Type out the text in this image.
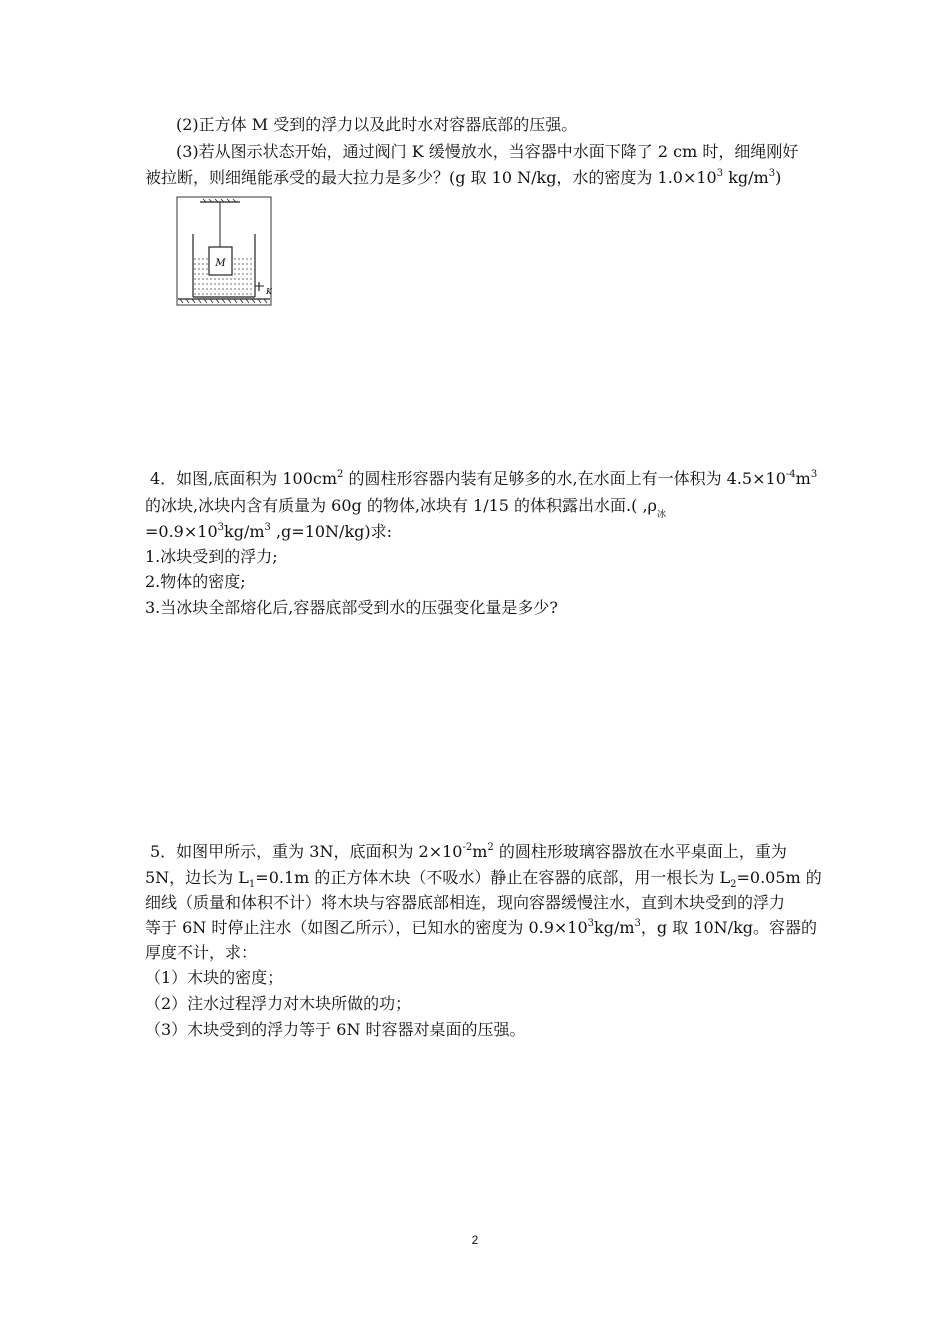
(2)正方体 M 受到的浮力以及此时水对容器底部的压强。
(3)若从图示状态开始，通过阀门 K 缓慢放水，当容器中水面下降了 2 cm 时，细绳刚好
被拉断，则细绳能承受的最大拉力是多少？(g 取 10 N/kg，水的密度为 $1.0\times 10^3$ $kg/m^3$)
M
K
4．如图,底面积为 $100cm^2$ 的圆柱形容器内装有足够多的水,在水面上有一体积为 $4.5\times 10^{-4}m^3$
的冰块,冰块内含有质量为 60g 的物体,冰块有 1/15 的体积露出水面.( $,\rho_冰$
$=0.9\times 10^3kg/m^3$ ,g=10N/kg)求:
1.冰块受到的浮力;
2.物体的密度;
3.当冰块全部熔化后,容器底部受到水的压强变化量是多少?
5．如图甲所示，重为 3N，底面积为 $2\times 10^{-2}m^2$ 的圆柱形玻璃容器放在水平桌面上，重为
5N，边长为 $L_1=0.1m$ 的正方体木块（不吸水）静止在容器的底部，用一根长为 $L_2=0.05m$ 的
细线（质量和体积不计）将木块与容器底部相连，现向容器缓慢注水，直到木块受到的浮力
等于 6N 时停止注水（如图乙所示），已知水的密度为 $0.9\times 10^3kg/m^3$，g 取 10N/kg。容器的
厚度不计，求：
（1）木块的密度；
（2）注水过程浮力对木块所做的功；
（3）木块受到的浮力等于 6N 时容器对桌面的压强。
2
